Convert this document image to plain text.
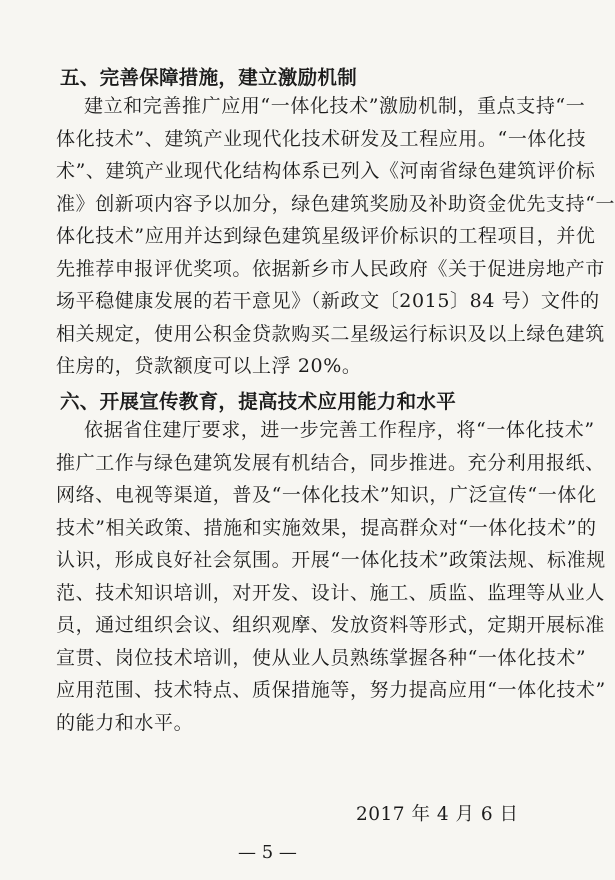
五、完善保障措施，建立激励机制
建立和完善推广应用“一体化技术”激励机制，重点支持“一
体化技术”、建筑产业现代化技术研发及工程应用。“一体化技
术”、建筑产业现代化结构体系已列入《河南省绿色建筑评价标
准》创新项内容予以加分，绿色建筑奖励及补助资金优先支持“一
体化技术”应用并达到绿色建筑星级评价标识的工程项目，并优
先推荐申报评优奖项。依据新乡市人民政府《关于促进房地产市
场平稳健康发展的若干意见》（新政文〔2015〕84 号）文件的
相关规定，使用公积金贷款购买二星级运行标识及以上绿色建筑
住房的，贷款额度可以上浮 20%。
六、开展宣传教育，提高技术应用能力和水平
依据省住建厅要求，进一步完善工作程序，将“一体化技术”
推广工作与绿色建筑发展有机结合，同步推进。充分利用报纸、
网络、电视等渠道，普及“一体化技术”知识，广泛宣传“一体化
技术”相关政策、措施和实施效果，提高群众对“一体化技术”的
认识，形成良好社会氛围。开展“一体化技术”政策法规、标准规
范、技术知识培训，对开发、设计、施工、质监、监理等从业人
员，通过组织会议、组织观摩、发放资料等形式，定期开展标准
宣贯、岗位技术培训，使从业人员熟练掌握各种“一体化技术”
应用范围、技术特点、质保措施等，努力提高应用“一体化技术”
的能力和水平。
2017 年 4 月 6 日
— 5 —
